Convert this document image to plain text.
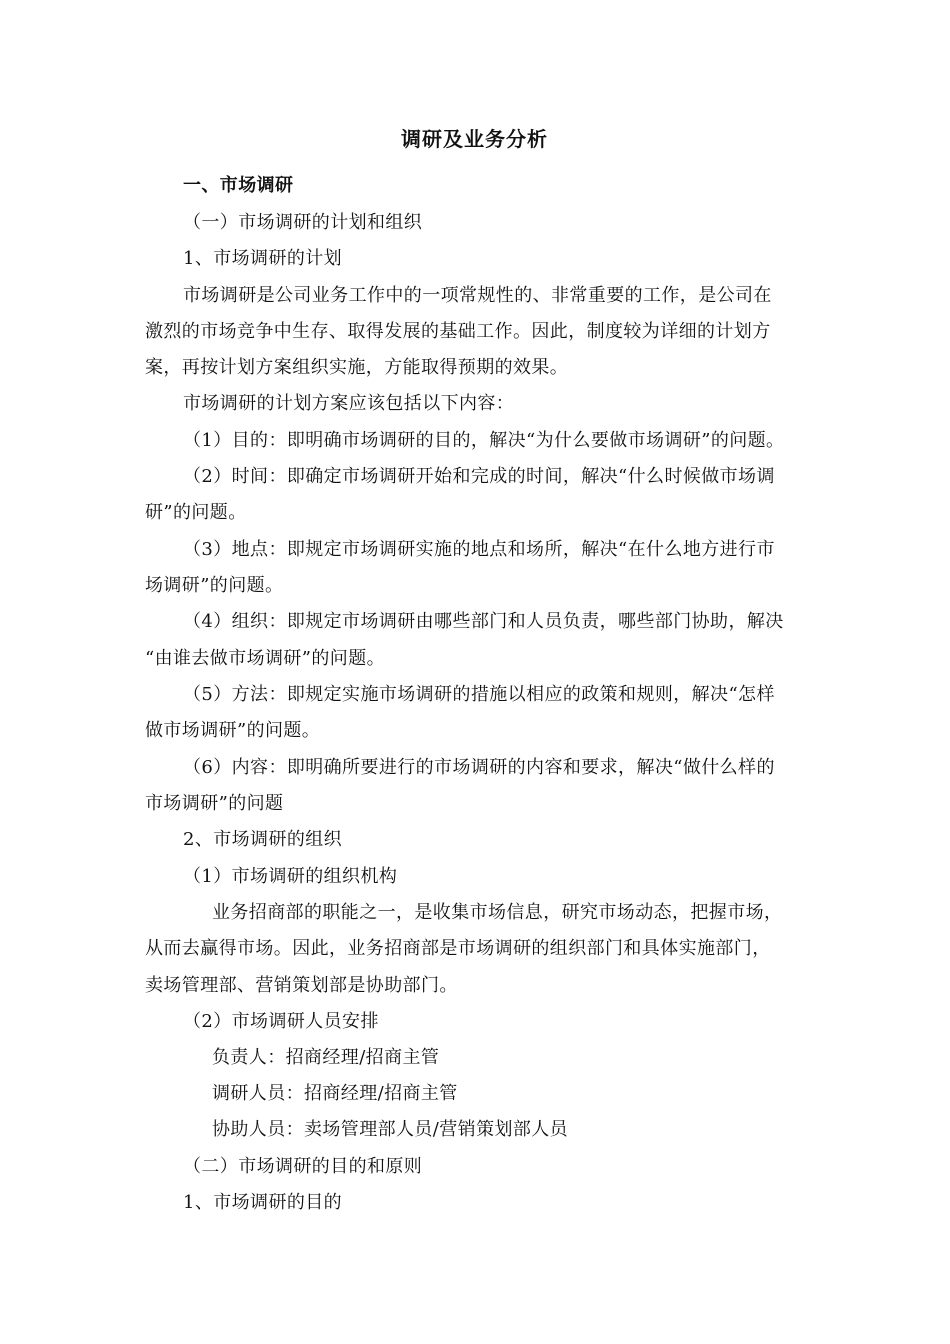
调研及业务分析
一、市场调研
（一）市场调研的计划和组织
1、市场调研的计划
市场调研是公司业务工作中的一项常规性的、非常重要的工作，是公司在
激烈的市场竞争中生存、取得发展的基础工作。因此，制度较为详细的计划方
案，再按计划方案组织实施，方能取得预期的效果。
市场调研的计划方案应该包括以下内容：
（1）目的：即明确市场调研的目的，解决“为什么要做市场调研”的问题。
（2）时间：即确定市场调研开始和完成的时间，解决“什么时候做市场调
研”的问题。
（3）地点：即规定市场调研实施的地点和场所，解决“在什么地方进行市
场调研”的问题。
（4）组织：即规定市场调研由哪些部门和人员负责，哪些部门协助，解决
“由谁去做市场调研”的问题。
（5）方法：即规定实施市场调研的措施以相应的政策和规则，解决“怎样
做市场调研”的问题。
（6）内容：即明确所要进行的市场调研的内容和要求，解决“做什么样的
市场调研”的问题
2、市场调研的组织
（1）市场调研的组织机构
业务招商部的职能之一，是收集市场信息，研究市场动态，把握市场，
从而去赢得市场。因此，业务招商部是市场调研的组织部门和具体实施部门，
卖场管理部、营销策划部是协助部门。
（2）市场调研人员安排
负责人：招商经理/招商主管
调研人员：招商经理/招商主管
协助人员：卖场管理部人员/营销策划部人员
（二）市场调研的目的和原则
1、市场调研的目的
